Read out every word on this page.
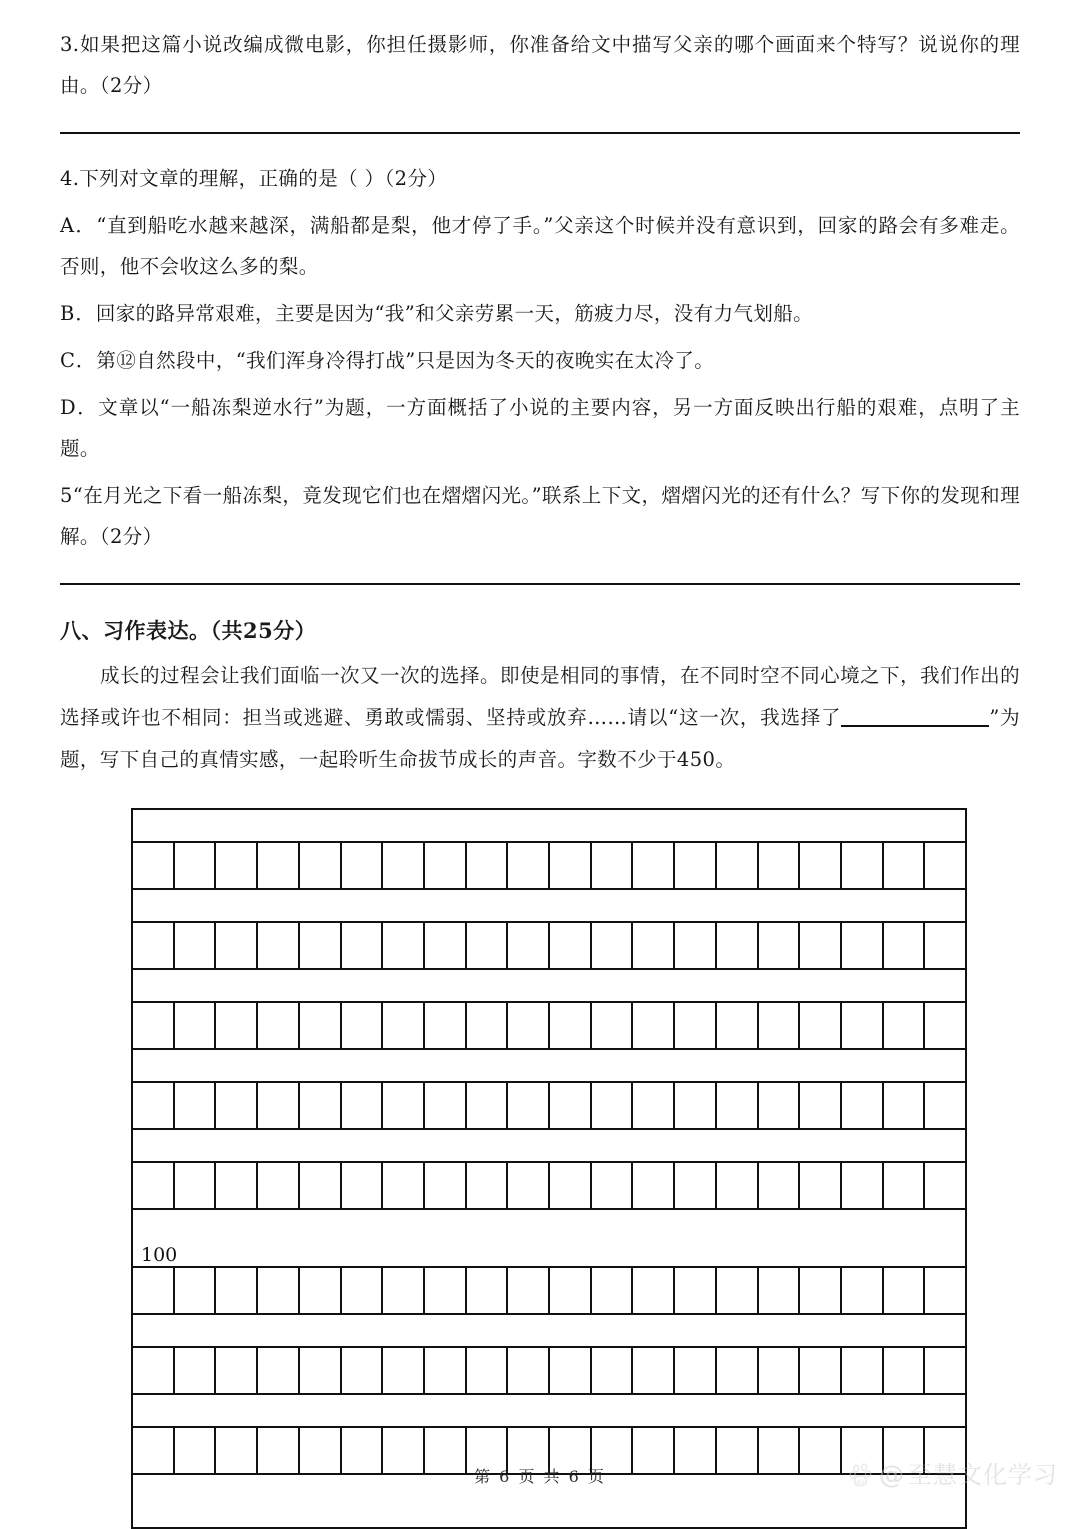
3.如果把这篇小说改编成微电影，你担任摄影师，你准备给文中描写父亲的哪个画面来个特写？说说你的理由。（2分）

4.下列对文章的理解，正确的是（ ）（2分）

A．“直到船吃水越来越深，满船都是梨，他才停了手。”父亲这个时候并没有意识到，回家的路会有多难走。否则，他不会收这么多的梨。

B．回家的路异常艰难，主要是因为“我”和父亲劳累一天，筋疲力尽，没有力气划船。

C．第⑫自然段中，“我们浑身冷得打战”只是因为冬天的夜晚实在太冷了。

D．文章以“一船冻梨逆水行”为题，一方面概括了小说的主要内容，另一方面反映出行船的艰难，点明了主题。

5“在月光之下看一船冻梨，竟发现它们也在熠熠闪光。”联系上下文，熠熠闪光的还有什么？写下你的发现和理解。（2分）

八、习作表达。（共25分）

成长的过程会让我们面临一次又一次的选择。即使是相同的事情，在不同时空不同心境之下，我们作出的选择或许也不相同：担当或逃避、勇敢或懦弱、坚持或放弃……请以“这一次，我选择了	”为题，写下自己的真情实感，一起聆听生命拔节成长的声音。字数不少于450。

100
第 6 页 共 6 页	du @ 至慧文化学习
